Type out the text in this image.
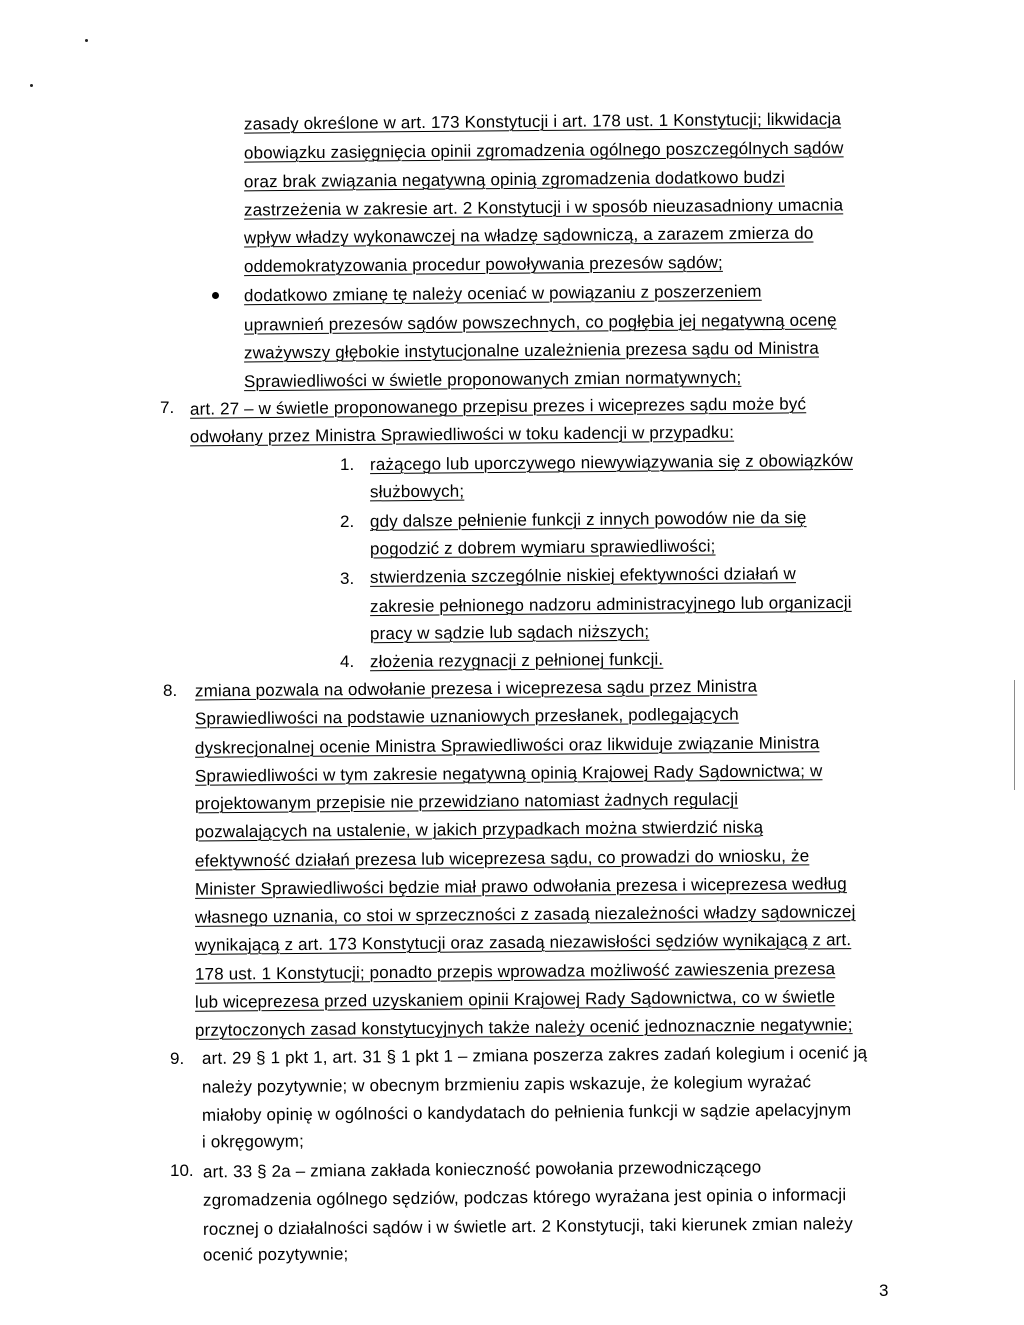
zasady określone w art. 173 Konstytucji i art. 178 ust. 1 Konstytucji; likwidacja
obowiązku zasięgnięcia opinii zgromadzenia ogólnego poszczególnych sądów
oraz brak związania negatywną opinią zgromadzenia dodatkowo budzi
zastrzeżenia w zakresie art. 2 Konstytucji i w sposób nieuzasadniony umacnia
wpływ władzy wykonawczej na władzę sądowniczą, a zarazem zmierza do
oddemokratyzowania procedur powoływania prezesów sądów;
dodatkowo zmianę tę należy oceniać w powiązaniu z poszerzeniem
uprawnień prezesów sądów powszechnych, co pogłębia jej negatywną ocenę
zważywszy głębokie instytucjonalne uzależnienia prezesa sądu od Ministra
Sprawiedliwości w świetle proponowanych zmian normatywnych;
7. art. 27 – w świetle proponowanego przepisu prezes i wiceprezes sądu może być
odwołany przez Ministra Sprawiedliwości w toku kadencji w przypadku:
1. rażącego lub uporczywego niewywiązywania się z obowiązków
służbowych;
2. gdy dalsze pełnienie funkcji z innych powodów nie da się
pogodzić z dobrem wymiaru sprawiedliwości;
3. stwierdzenia szczególnie niskiej efektywności działań w
zakresie pełnionego nadzoru administracyjnego lub organizacji
pracy w sądzie lub sądach niższych;
4. złożenia rezygnacji z pełnionej funkcji.
8. zmiana pozwala na odwołanie prezesa i wiceprezesa sądu przez Ministra
Sprawiedliwości na podstawie uznaniowych przesłanek, podlegających
dyskrecjonalnej ocenie Ministra Sprawiedliwości oraz likwiduje związanie Ministra
Sprawiedliwości w tym zakresie negatywną opinią Krajowej Rady Sądownictwa; w
projektowanym przepisie nie przewidziano natomiast żadnych regulacji
pozwalających na ustalenie, w jakich przypadkach można stwierdzić niską
efektywność działań prezesa lub wiceprezesa sądu, co prowadzi do wniosku, że
Minister Sprawiedliwości będzie miał prawo odwołania prezesa i wiceprezesa według
własnego uznania, co stoi w sprzeczności z zasadą niezależności władzy sądowniczej
wynikającą z art. 173 Konstytucji oraz zasadą niezawisłości sędziów wynikającą z art.
178 ust. 1 Konstytucji; ponadto przepis wprowadza możliwość zawieszenia prezesa
lub wiceprezesa przed uzyskaniem opinii Krajowej Rady Sądownictwa, co w świetle
przytoczonych zasad konstytucyjnych także należy ocenić jednoznacznie negatywnie;
9. art. 29 § 1 pkt 1, art. 31 § 1 pkt 1 – zmiana poszerza zakres zadań kolegium i ocenić ją
należy pozytywnie; w obecnym brzmieniu zapis wskazuje, że kolegium wyrażać
miałoby opinię w ogólności o kandydatach do pełnienia funkcji w sądzie apelacyjnym
i okręgowym;
10. art. 33 § 2a – zmiana zakłada konieczność powołania przewodniczącego
zgromadzenia ogólnego sędziów, podczas którego wyrażana jest opinia o informacji
rocznej o działalności sądów i w świetle art. 2 Konstytucji, taki kierunek zmian należy
ocenić pozytywnie;
3
